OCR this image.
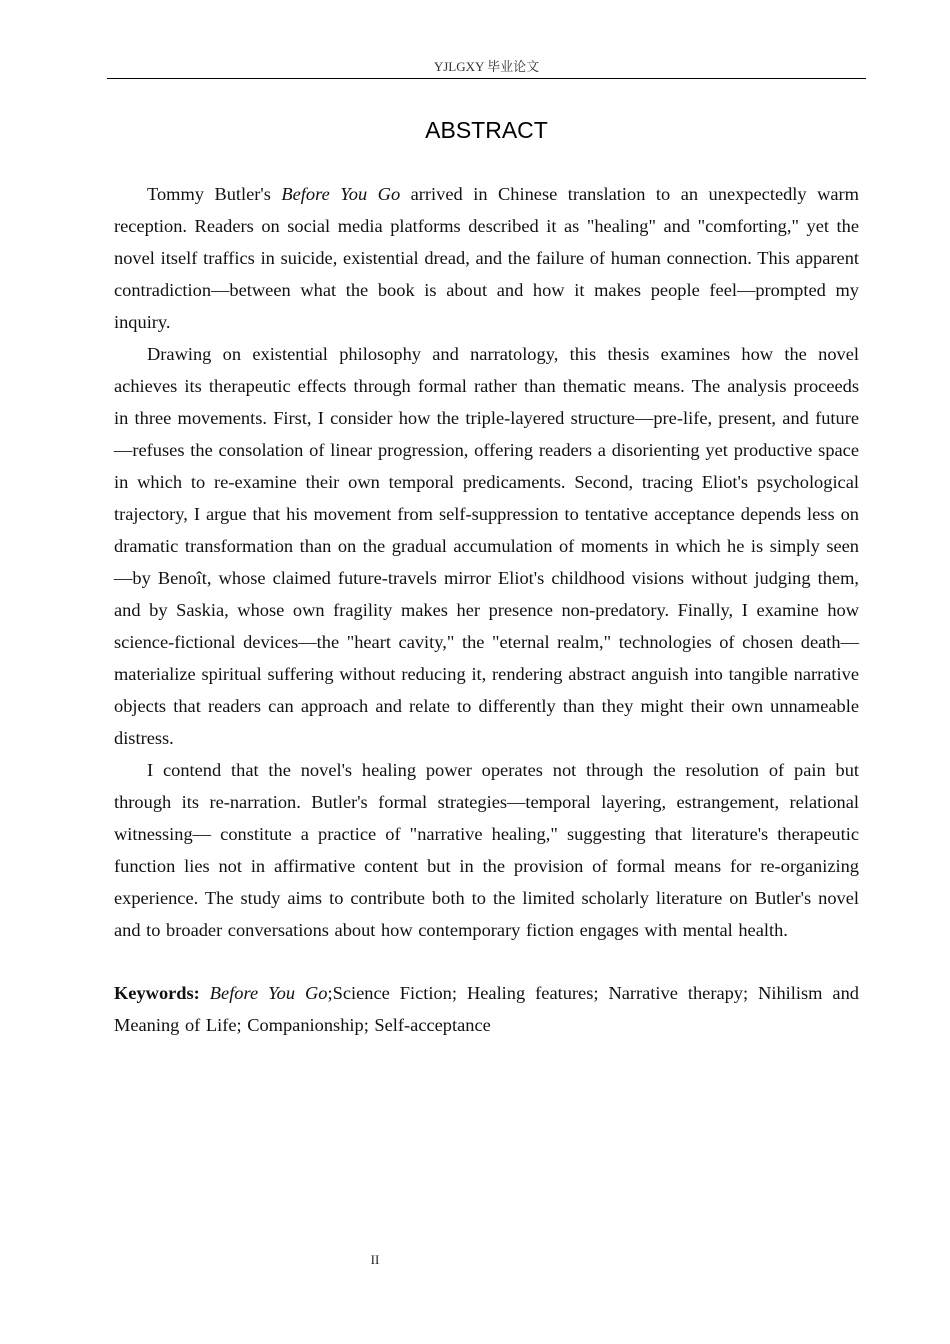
YJLGXY 毕业论文
ABSTRACT

Tommy Butler's Before You Go arrived in Chinese translation to an unexpectedly warm reception. Readers on social media platforms described it as "healing" and "comforting," yet the novel itself traffics in suicide, existential dread, and the failure of human connection. This apparent contradiction—between what the book is about and how it makes people feel—prompted my inquiry.

Drawing on existential philosophy and narratology, this thesis examines how the novel achieves its therapeutic effects through formal rather than thematic means. The analysis proceeds in three movements. First, I consider how the triple-layered structure—pre-life, present, and future—refuses the consolation of linear progression, offering readers a disorienting yet productive space in which to re-examine their own temporal predicaments. Second, tracing Eliot's psychological trajectory, I argue that his movement from self-suppression to tentative acceptance depends less on dramatic transformation than on the gradual accumulation of moments in which he is simply seen—by Benoît, whose claimed future-travels mirror Eliot's childhood visions without judging them, and by Saskia, whose own fragility makes her presence non-predatory. Finally, I examine how science-fictional devices—the "heart cavity," the "eternal realm," technologies of chosen death—materialize spiritual suffering without reducing it, rendering abstract anguish into tangible narrative objects that readers can approach and relate to differently than they might their own unnameable distress.

I contend that the novel's healing power operates not through the resolution of pain but through its re-narration. Butler's formal strategies—temporal layering, estrangement, relational witnessing— constitute a practice of "narrative healing," suggesting that literature's therapeutic function lies not in affirmative content but in the provision of formal means for re-organizing experience. The study aims to contribute both to the limited scholarly literature on Butler's novel and to broader conversations about how contemporary fiction engages with mental health.

Keywords: Before You Go;Science Fiction; Healing features; Narrative therapy; Nihilism and Meaning of Life; Companionship; Self-acceptance

II
